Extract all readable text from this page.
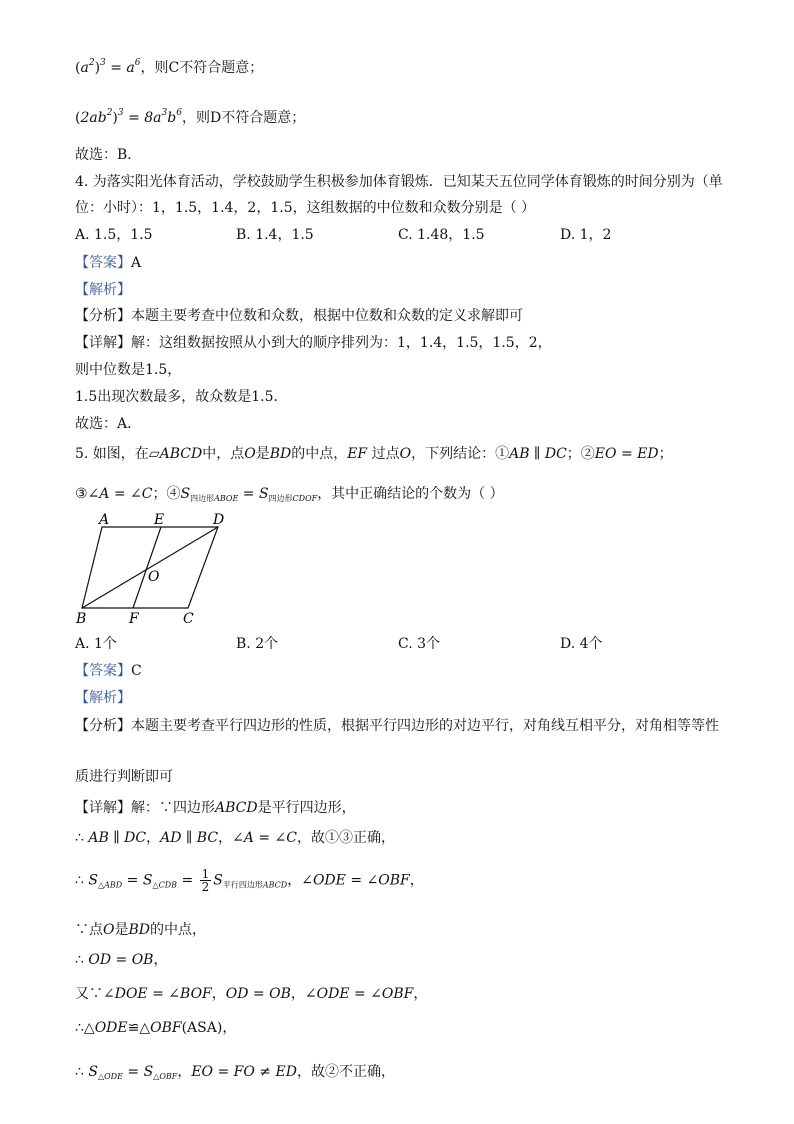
$(a^2)^3 = a^6$，则C不符合题意；
$(2ab^2)^3 = 8a^3b^6$，则D不符合题意；
故选：B．
4. 为落实阳光体育活动，学校鼓励学生积极参加体育锻炼．已知某天五位同学体育锻炼的时间分别为（单
位：小时）：1，1.5，1.4，2，1.5，这组数据的中位数和众数分别是（ ）
A. 1.5，1.5	B. 1.4，1.5	C. 1.48，1.5	D. 1，2
【答案】A
【解析】
【分析】本题主要考查中位数和众数，根据中位数和众数的定义求解即可
【详解】解：这组数据按照从小到大的顺序排列为：1，1.4，1.5，1.5，2，
则中位数是1.5，
1.5出现次数最多，故众数是1.5．
故选：A．
5. 如图，在▱ABCD中，点O是BD的中点，EF 过点O，下列结论：①AB ∥ DC；②EO = ED；
③∠A = ∠C；$④S_{四边形ABOE} = S_{四边形CDOF}$，其中正确结论的个数为（ ）
A	E	D
O
B	F	C
A. 1个	B. 2个	C. 3个	D. 4个
【答案】C
【解析】
【分析】本题主要考查平行四边形的性质，根据平行四边形的对边平行，对角线互相平分，对角相等等性
质进行判断即可
【详解】解：∵四边形ABCD是平行四边形，
∴ AB ∥ DC，AD ∥ BC，∠A = ∠C，故①③正确，
∴ $S_{\triangle ABD} = S_{\triangle CDB} = \frac{1}{2} S_{平行四边形ABCD}$，∠ODE = ∠OBF，
∵点O是BD的中点，
∴ OD = OB，
又∵∠DOE = ∠BOF，OD = OB，∠ODE = ∠OBF，
∴△ODE≌△OBF(ASA)，
∴ $S_{\triangle ODE} = S_{\triangle OBF}$，EO = FO ≠ ED，故②不正确，
